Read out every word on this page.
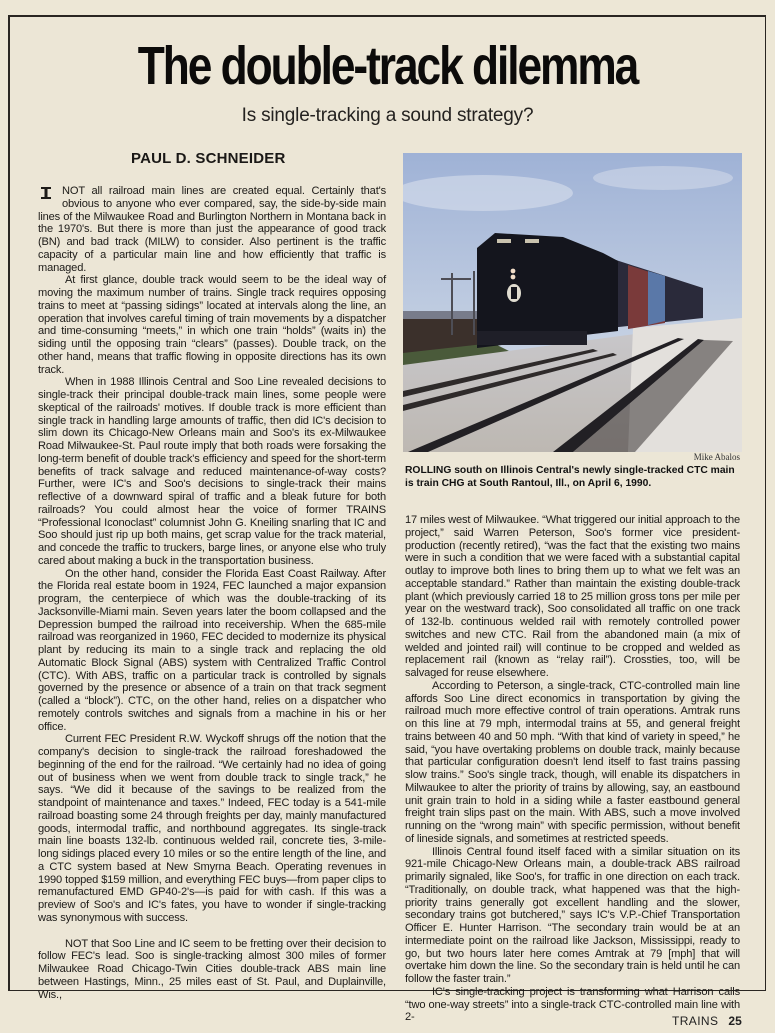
The double-track dilemma
Is single-tracking a sound strategy?
PAUL D. SCHNEIDER

NOT all railroad main lines are created equal. Certainly that's obvious to anyone who ever compared, say, the side-by-side main lines of the Milwaukee Road and Burlington Northern in Montana back in the 1970's. But there is more than just the appearance of good track (BN) and bad track (MILW) to consider. Also pertinent is the traffic capacity of a particular main line and how efficiently that traffic is managed.

At first glance, double track would seem to be the ideal way of moving the maximum number of trains. Single track requires opposing trains to meet at “passing sidings” located at intervals along the line, an operation that involves careful timing of train movements by a dispatcher and time-consuming “meets,” in which one train “holds” (waits in) the siding until the opposing train “clears” (passes). Double track, on the other hand, means that traffic flowing in opposite directions has its own track.

When in 1988 Illinois Central and Soo Line revealed decisions to single-track their principal double-track main lines, some people were skeptical of the railroads' motives. If double track is more efficient than single track in handling large amounts of traffic, then did IC's decision to slim down its Chicago-New Orleans main and Soo's its ex-Milwaukee Road Milwaukee-St. Paul route imply that both roads were forsaking the long-term benefit of double track's efficiency and speed for the short-term benefits of track salvage and reduced maintenance-of-way costs? Further, were IC's and Soo's decisions to single-track their mains reflective of a downward spiral of traffic and a bleak future for both railroads? You could almost hear the voice of former TRAINS “Professional Iconoclast” columnist John G. Kneiling snarling that IC and Soo should just rip up both mains, get scrap value for the track material, and concede the traffic to truckers, barge lines, or anyone else who truly cared about making a buck in the transportation business.

On the other hand, consider the Florida East Coast Railway. After the Florida real estate boom in 1924, FEC launched a major expansion program, the centerpiece of which was the double-tracking of its Jacksonville-Miami main. Seven years later the boom collapsed and the Depression bumped the railroad into receivership. When the 685-mile railroad was reorganized in 1960, FEC decided to modernize its physical plant by reducing its main to a single track and replacing the old Automatic Block Signal (ABS) system with Centralized Traffic Control (CTC). With ABS, traffic on a particular track is controlled by signals governed by the presence or absence of a train on that track segment (called a “block”). CTC, on the other hand, relies on a dispatcher who remotely controls switches and signals from a machine in his or her office.

Current FEC President R.W. Wyckoff shrugs off the notion that the company's decision to single-track the railroad foreshadowed the beginning of the end for the railroad. “We certainly had no idea of going out of business when we went from double track to single track,” he says. “We did it because of the savings to be realized from the standpoint of maintenance and taxes.” Indeed, FEC today is a 541-mile railroad boasting some 24 through freights per day, mainly manufactured goods, intermodal traffic, and northbound aggregates. Its single-track main line boasts 132-lb. continuous welded rail, concrete ties, 3-mile-long sidings placed every 10 miles or so the entire length of the line, and a CTC system based at New Smyrna Beach. Operating revenues in 1990 topped $159 million, and everything FEC buys—from paper clips to remanufactured EMD GP40-2's—is paid for with cash. If this was a preview of Soo's and IC's fates, you have to wonder if single-tracking was synonymous with success.

NOT that Soo Line and IC seem to be fretting over their decision to follow FEC's lead. Soo is single-tracking almost 300 miles of former Milwaukee Road Chicago-Twin Cities double-track ABS main line between Hastings, Minn., 25 miles east of St. Paul, and Duplainville, Wis.,

Mike Abalos
ROLLING south on Illinois Central's newly single-tracked CTC main is train CHG at South Rantoul, Ill., on April 6, 1990.

17 miles west of Milwaukee. “What triggered our initial approach to the project,” said Warren Peterson, Soo's former vice president-production (recently retired), “was the fact that the existing two mains were in such a condition that we were faced with a substantial capital outlay to improve both lines to bring them up to what we felt was an acceptable standard.” Rather than maintain the existing double-track plant (which previously carried 18 to 25 million gross tons per mile per year on the westward track), Soo consolidated all traffic on one track of 132-lb. continuous welded rail with remotely controlled power switches and new CTC. Rail from the abandoned main (a mix of welded and jointed rail) will continue to be cropped and welded as replacement rail (known as “relay rail”). Crossties, too, will be salvaged for reuse elsewhere.

According to Peterson, a single-track, CTC-controlled main line affords Soo Line direct economics in transportation by giving the railroad much more effective control of train operations. Amtrak runs on this line at 79 mph, intermodal trains at 55, and general freight trains between 40 and 50 mph. “With that kind of variety in speed,” he said, “you have overtaking problems on double track, mainly because that particular configuration doesn't lend itself to fast trains passing slow trains.” Soo's single track, though, will enable its dispatchers in Milwaukee to alter the priority of trains by allowing, say, an eastbound unit grain train to hold in a siding while a faster eastbound general freight train slips past on the main. With ABS, such a move involved running on the “wrong main” with specific permission, without benefit of lineside signals, and sometimes at restricted speeds.

Illinois Central found itself faced with a similar situation on its 921-mile Chicago-New Orleans main, a double-track ABS railroad primarily signaled, like Soo's, for traffic in one direction on each track. “Traditionally, on double track, what happened was that the high-priority trains generally got excellent handling and the slower, secondary trains got butchered,” says IC's V.P.-Chief Transportation Officer E. Hunter Harrison. “The secondary train would be at an intermediate point on the railroad like Jackson, Mississippi, ready to go, but two hours later here comes Amtrak at 79 [mph] that will overtake him down the line. So the secondary train is held until he can follow the faster train.”

IC's single-tracking project is transforming what Harrison calls “two one-way streets” into a single-track CTC-controlled main line with 2-	TRAINS 25
